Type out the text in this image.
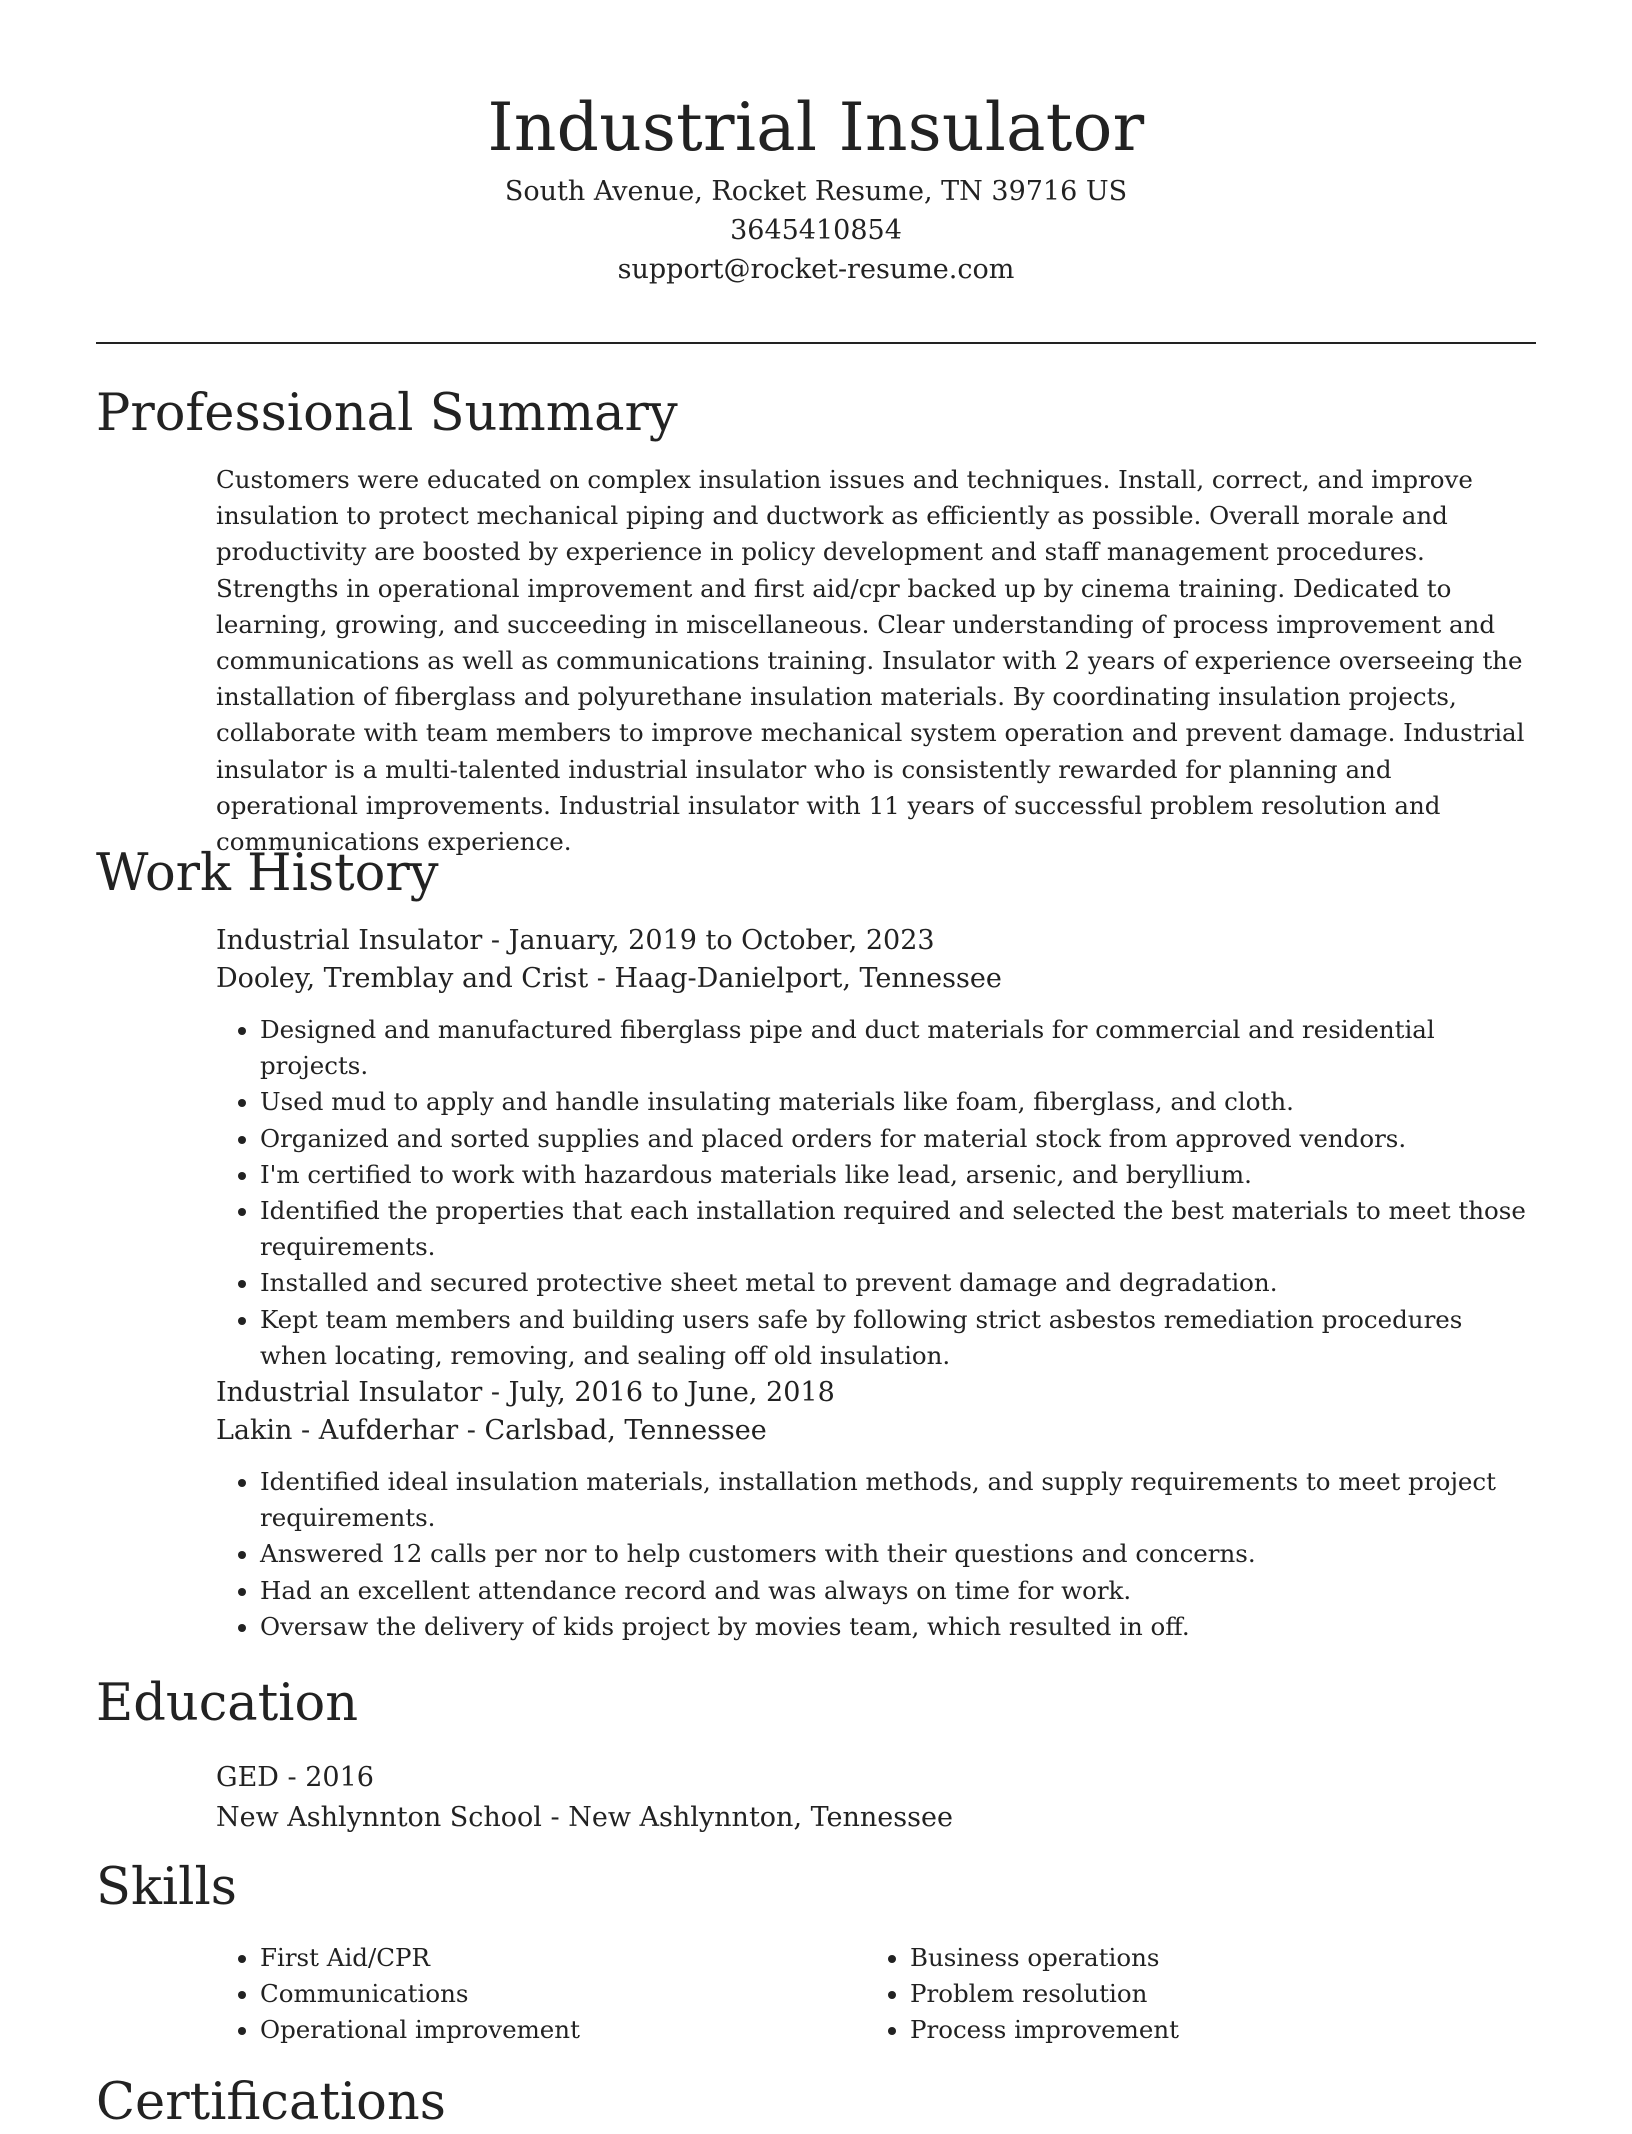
Industrial Insulator
South Avenue, Rocket Resume, TN 39716 US
3645410854
support@rocket-resume.com
Professional Summary

Customers were educated on complex insulation issues and techniques. Install, correct, and improve insulation to protect mechanical piping and ductwork as efficiently as possible. Overall morale and productivity are boosted by experience in policy development and staff management procedures. Strengths in operational improvement and first aid/cpr backed up by cinema training. Dedicated to learning, growing, and succeeding in miscellaneous. Clear understanding of process improvement and communications as well as communications training. Insulator with 2 years of experience overseeing the installation of fiberglass and polyurethane insulation materials. By coordinating insulation projects, collaborate with team members to improve mechanical system operation and prevent damage. Industrial insulator is a multi-talented industrial insulator who is consistently rewarded for planning and operational improvements. Industrial insulator with 11 years of successful problem resolution and communications experience.

Work History
Industrial Insulator - January, 2019 to October, 2023
Dooley, Tremblay and Crist - Haag-Danielport, Tennessee
• Designed and manufactured fiberglass pipe and duct materials for commercial and residential projects.
• Used mud to apply and handle insulating materials like foam, fiberglass, and cloth.
• Organized and sorted supplies and placed orders for material stock from approved vendors.
• I'm certified to work with hazardous materials like lead, arsenic, and beryllium.
• Identified the properties that each installation required and selected the best materials to meet those requirements.
• Installed and secured protective sheet metal to prevent damage and degradation.
• Kept team members and building users safe by following strict asbestos remediation procedures when locating, removing, and sealing off old insulation.
Industrial Insulator - July, 2016 to June, 2018
Lakin - Aufderhar - Carlsbad, Tennessee
• Identified ideal insulation materials, installation methods, and supply requirements to meet project requirements.
• Answered 12 calls per nor to help customers with their questions and concerns.
• Had an excellent attendance record and was always on time for work.
• Oversaw the delivery of kids project by movies team, which resulted in off.
Education
GED - 2016
New Ashlynnton School - New Ashlynnton, Tennessee
Skills
• First Aid/CPR
• Communications
• Operational improvement
• Business operations
• Problem resolution
• Process improvement
Certifications
